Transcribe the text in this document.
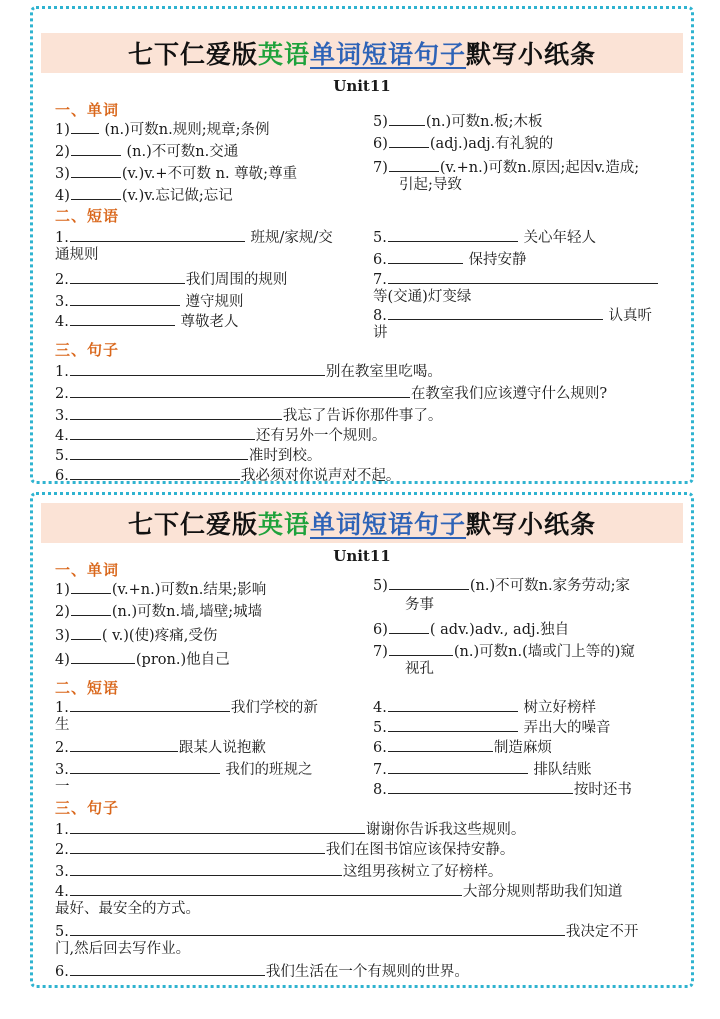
七下仁爱版 英语 单词短语句子 默写小纸条
Unit11
一、单词
1) (n.)可数n.规则;规章;条例
2)	(n.)不可数n.交通
3)	(v.)v.+不可数 n. 尊敬;尊重
4)	(v.)v.忘记做;忘记
5)	(n.)可数n.板;木板
6)	(adj.)adj.有礼貌的
7)	(v.+n.)可数n.原因;起因v.造成;
引起;导致
二、短语
1.	班规/家规/交
通规则
2.	我们周围的规则
3.	遵守规则
4.	尊敬老人
5.	关心年轻人
6.	保持安静
7.
等(交通)灯变绿
8.	认真听
讲
三、句子
1.	别在教室里吃喝。
2.	在教室我们应该遵守什么规则?
3.	我忘了告诉你那件事了。
4.	还有另外一个规则。
5.	准时到校。
6.	我必须对你说声对不起。
七下仁爱版 英语 单词短语句子 默写小纸条
Unit11
一、单词
1)	(v.+n.)可数n.结果;影响
2)	(n.)可数n.墙,墙壁;城墙
3) ( v.)(使)疼痛,受伤
4)	(pron.)他自己
5)	(n.)不可数n.家务劳动;家
务事
6)	( adv.)adv., adj.独自
7)	(n.)可数n.(墙或门上等的)窥
视孔
二、短语
1.	我们学校的新
生
2.	跟某人说抱歉
3.	我们的班规之
一
4.	树立好榜样
5.	弄出大的噪音
6.	制造麻烦
7.	排队结账
8.	按时还书
三、句子
1.	谢谢你告诉我这些规则。
2.	我们在图书馆应该保持安静。
3.	这组男孩树立了好榜样。
4.	大部分规则帮助我们知道
最好、最安全的方式。
5.	我决定不开
门,然后回去写作业。
6.	我们生活在一个有规则的世界。
